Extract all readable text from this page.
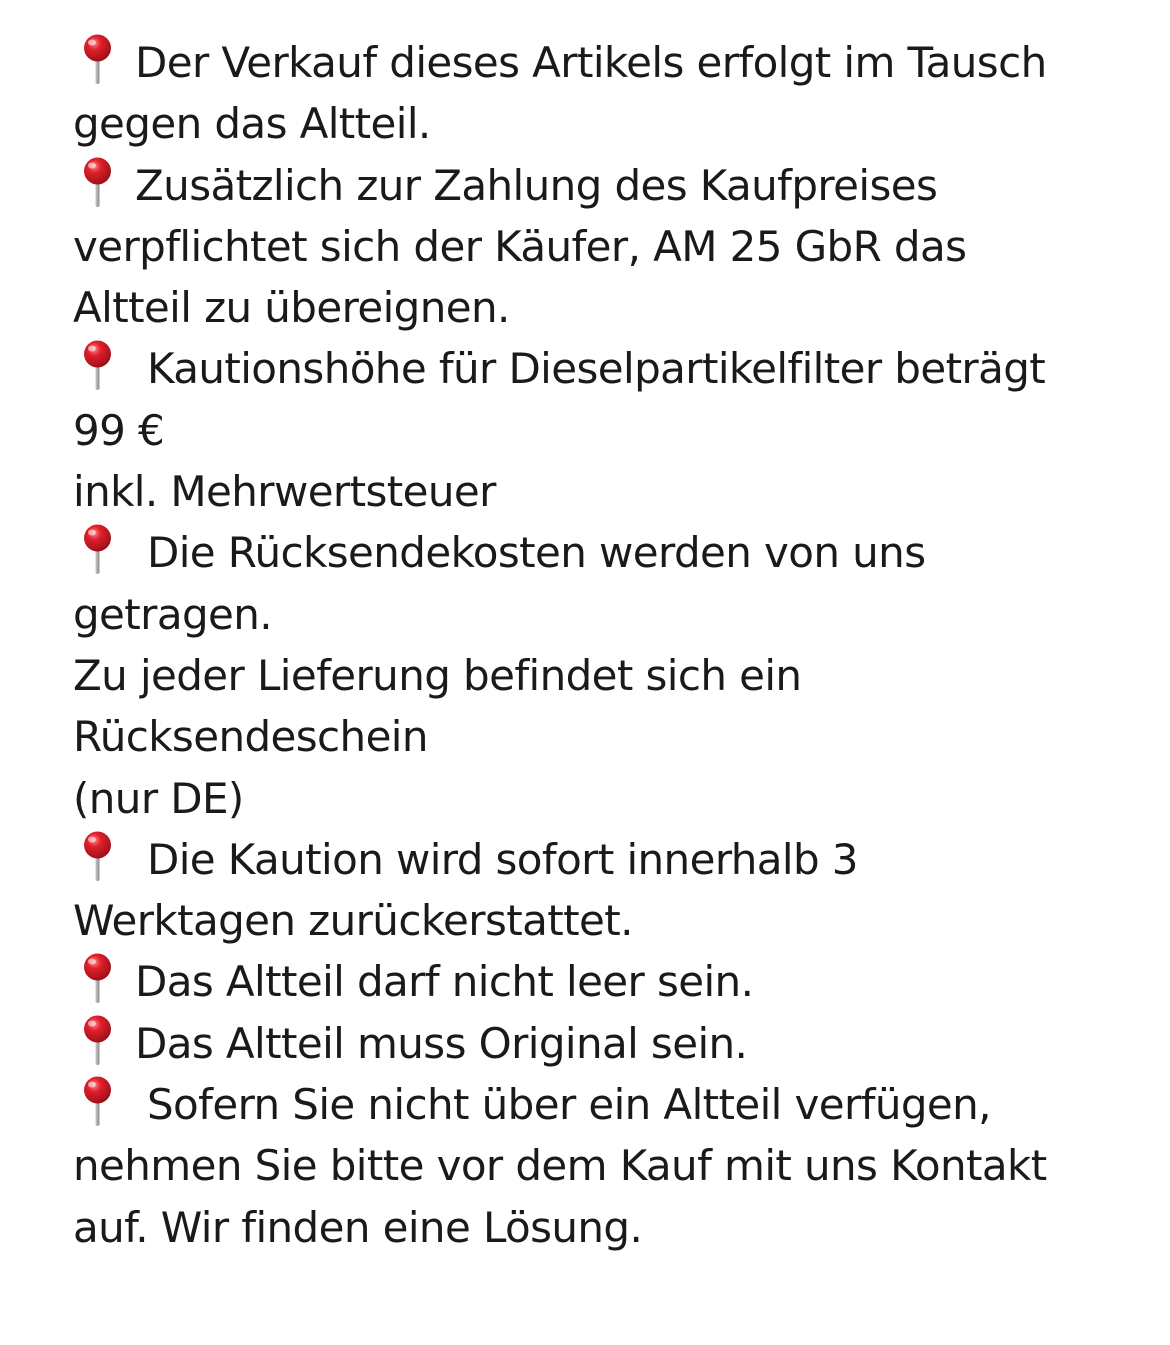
Der Verkauf dieses Artikels erfolgt im Tausch
gegen das Altteil.
Zusätzlich zur Zahlung des Kaufpreises
verpflichtet sich der Käufer, AM 25 GbR das
Altteil zu übereignen.
Kautionshöhe für Dieselpartikelfilter beträgt
99 €
inkl. Mehrwertsteuer
Die Rücksendekosten werden von uns
getragen.
Zu jeder Lieferung befindet sich ein
Rücksendeschein
(nur DE)
Die Kaution wird sofort innerhalb 3
Werktagen zurückerstattet.
Das Altteil darf nicht leer sein.
Das Altteil muss Original sein.
Sofern Sie nicht über ein Altteil verfügen,
nehmen Sie bitte vor dem Kauf mit uns Kontakt
auf. Wir finden eine Lösung.
